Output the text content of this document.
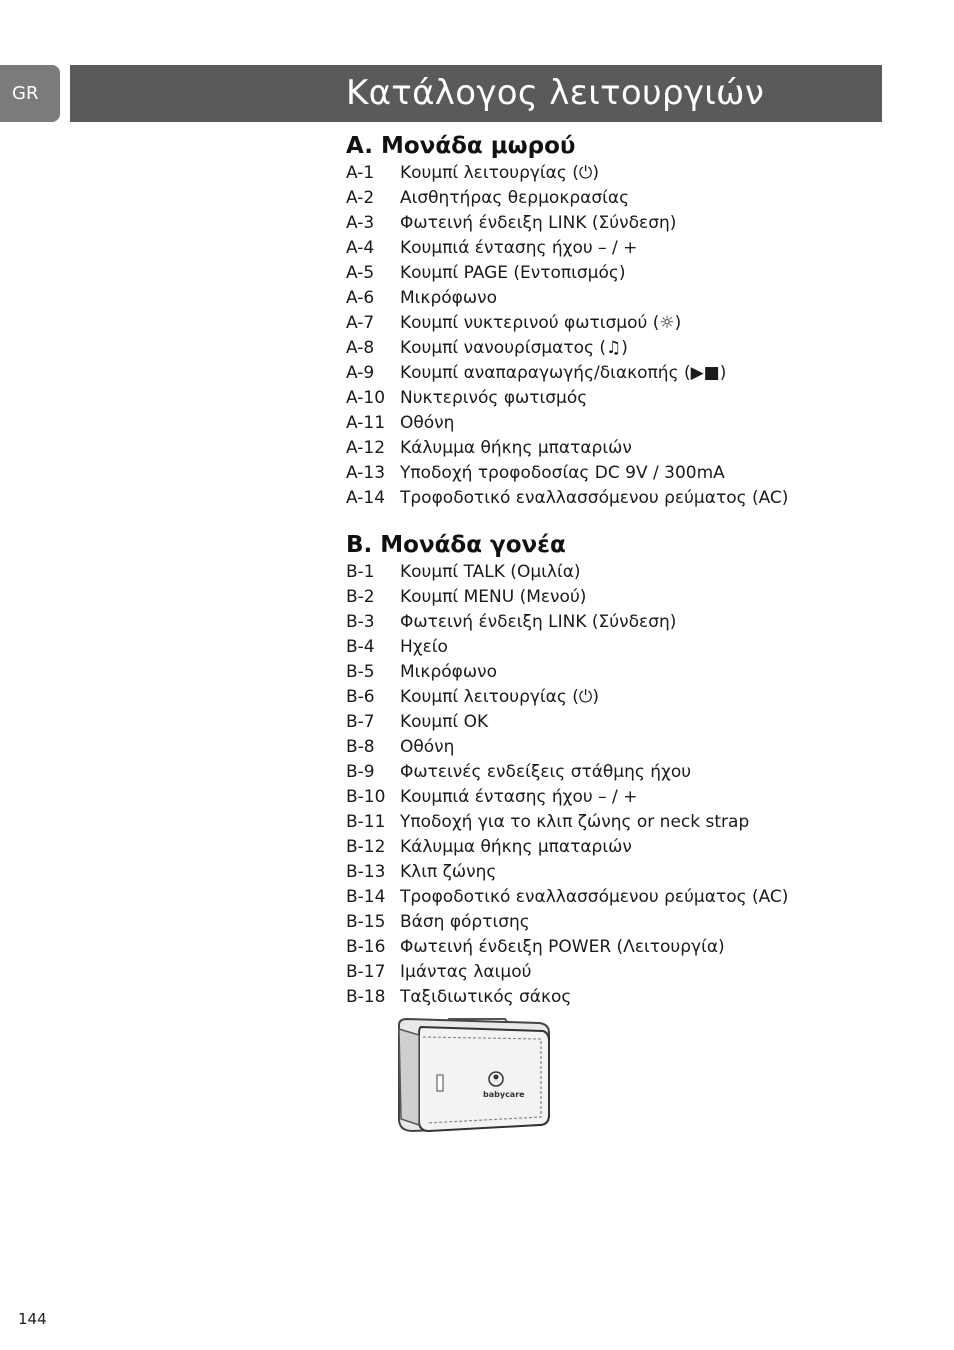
GR	Κατάλογος λειτουργιών
A. Μονάδα μωρού
A-1	Κουμπί λειτουργίας (⏻)
A-2	Αισθητήρας θερμοκρασίας
A-3	Φωτεινή ένδειξη LINK (Σύνδεση)
A-4	Κουμπιά έντασης ήχου – / +
A-5	Κουμπί PAGE (Εντοπισμός)
A-6	Μικρόφωνο
A-7	Κουμπί νυκτερινού φωτισμού (☼)
A-8	Κουμπί νανουρίσματος (♫)
A-9	Κουμπί αναπαραγωγής/διακοπής (▶■)
A-10 Νυκτερινός φωτισμός
A-11 Οθόνη
A-12 Κάλυμμα θήκης μπαταριών
A-13 Υποδοχή τροφοδοσίας DC 9V / 300mA
A-14 Τροφοδοτικό εναλλασσόμενου ρεύματος (AC)
B. Μονάδα γονέα
B-1	Κουμπί TALK (Ομιλία)
B-2	Κουμπί MENU (Μενού)
B-3	Φωτεινή ένδειξη LINK (Σύνδεση)
B-4	Ηχείο
B-5	Μικρόφωνο
B-6	Κουμπί λειτουργίας (⏻)
B-7	Κουμπί OK
B-8	Οθόνη
B-9	Φωτεινές ενδείξεις στάθμης ήχου
B-10 Κουμπιά έντασης ήχου – / +
B-11 Υποδοχή για το κλιπ ζώνης or neck strap
B-12 Κάλυμμα θήκης μπαταριών
B-13 Κλιπ ζώνης
B-14 Τροφοδοτικό εναλλασσόμενου ρεύματος (AC)
B-15 Βάση φόρτισης
B-16 Φωτεινή ένδειξη POWER (Λειτουργία)
B-17 Ιμάντας λαιμού
B-18 Ταξιδιωτικός σάκος
babycare
144
